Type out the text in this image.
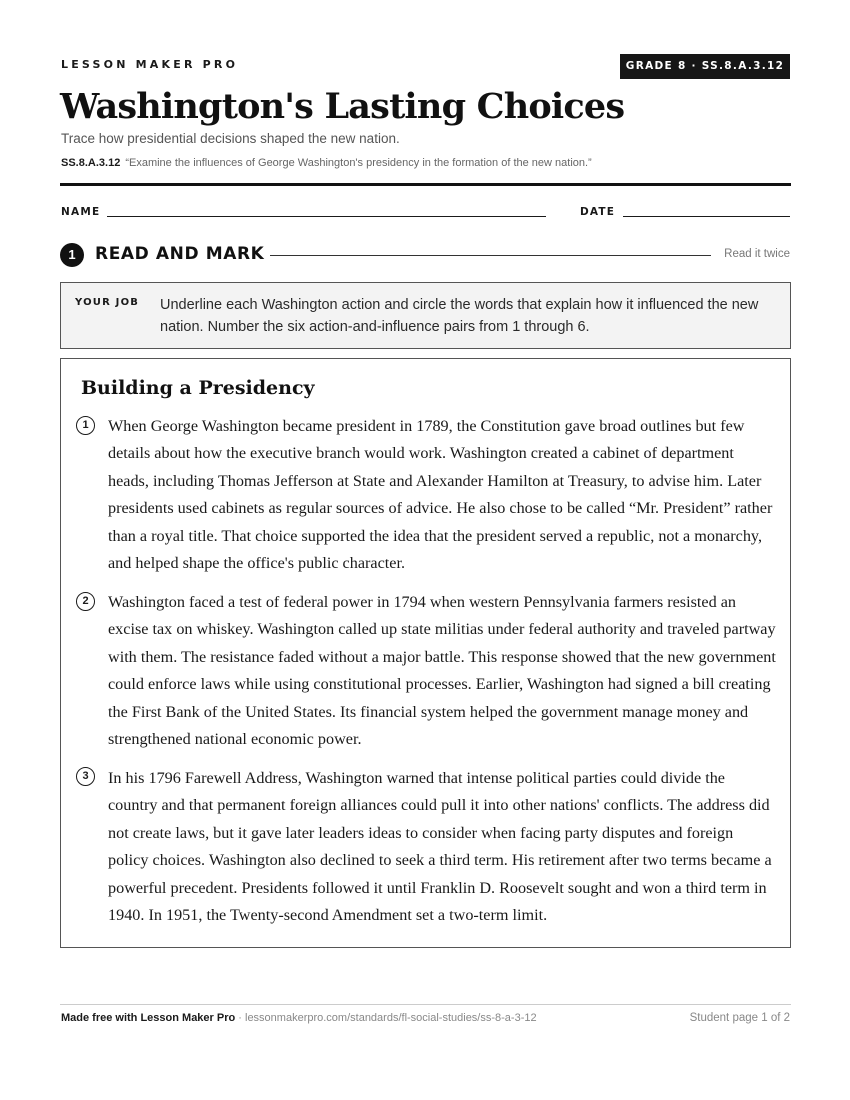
LESSON MAKER PRO	GRADE 8 · SS.8.A.3.12
Washington's Lasting Choices
Trace how presidential decisions shaped the new nation.
SS.8.A.3.12 “Examine the influences of George Washington's presidency in the formation of the new nation.”
NAME	DATE
1	READ AND MARK	Read it twice
YOUR JOB Underline each Washington action and circle the words that explain how it influenced the new nation. Number the six action-and-influence pairs from 1 through 6.
Building a Presidency
1	When George Washington became president in 1789, the Constitution gave broad outlines but few details about how the executive branch would work. Washington created a cabinet of department heads, including Thomas Jefferson at State and Alexander Hamilton at Treasury, to advise him. Later presidents used cabinets as regular sources of advice. He also chose to be called “Mr. President” rather than a royal title. That choice supported the idea that the president served a republic, not a monarchy, and helped shape the office's public character.

2	Washington faced a test of federal power in 1794 when western Pennsylvania farmers resisted an excise tax on whiskey. Washington called up state militias under federal authority and traveled partway with them. The resistance faded without a major battle. This response showed that the new government could enforce laws while using constitutional processes. Earlier, Washington had signed a bill creating the First Bank of the United States. Its financial system helped the government manage money and strengthened national economic power.

3	In his 1796 Farewell Address, Washington warned that intense political parties could divide the country and that permanent foreign alliances could pull it into other nations' conflicts. The address did not create laws, but it gave later leaders ideas to consider when facing party disputes and foreign policy choices. Washington also declined to seek a third term. His retirement after two terms became a powerful precedent. Presidents followed it until Franklin D. Roosevelt sought and won a third term in 1940. In 1951, the Twenty-second Amendment set a two-term limit.

Made free with Lesson Maker Pro · lessonmakerpro.com/standards/fl-social-studies/ss-8-a-3-12	Student page 1 of 2
